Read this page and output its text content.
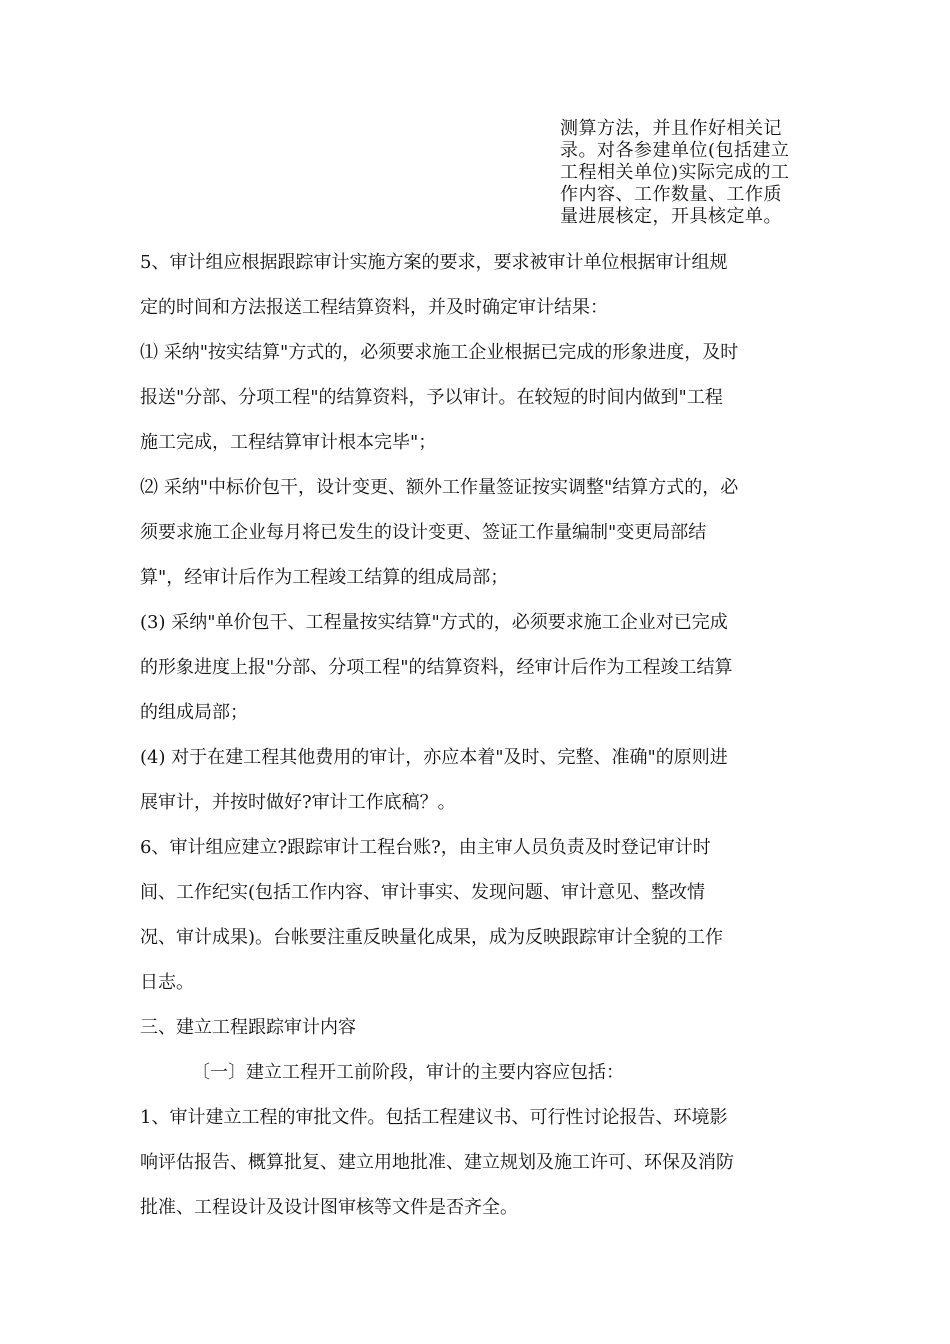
测算方法，并且作好相关记
录。对各参建单位(包括建立
工程相关单位)实际完成的工
作内容、工作数量、工作质
量进展核定，开具核定单。
5、审计组应根据跟踪审计实施方案的要求，要求被审计单位根据审计组规
定的时间和方法报送工程结算资料，并及时确定审计结果：
⑴ 采纳"按实结算"方式的，必须要求施工企业根据已完成的形象进度，及时
报送"分部、分项工程"的结算资料，予以审计。在较短的时间内做到"工程
施工完成，工程结算审计根本完毕"；
⑵ 采纳"中标价包干，设计变更、额外工作量签证按实调整"结算方式的，必
须要求施工企业每月将已发生的设计变更、签证工作量编制"变更局部结
算"，经审计后作为工程竣工结算的组成局部；
(3) 采纳"单价包干、工程量按实结算"方式的，必须要求施工企业对已完成
的形象进度上报"分部、分项工程"的结算资料，经审计后作为工程竣工结算
的组成局部；
(4) 对于在建工程其他费用的审计，亦应本着"及时、完整、准确"的原则进
展审计，并按时做好?审计工作底稿？。
6、审计组应建立?跟踪审计工程台账?，由主审人员负责及时登记审计时
间、工作纪实(包括工作内容、审计事实、发现问题、审计意见、整改情
况、审计成果)。台帐要注重反映量化成果，成为反映跟踪审计全貌的工作
日志。
三、建立工程跟踪审计内容
〔一〕建立工程开工前阶段，审计的主要内容应包括：
1、审计建立工程的审批文件。包括工程建议书、可行性讨论报告、环境影
响评估报告、概算批复、建立用地批准、建立规划及施工许可、环保及消防
批准、工程设计及设计图审核等文件是否齐全。
